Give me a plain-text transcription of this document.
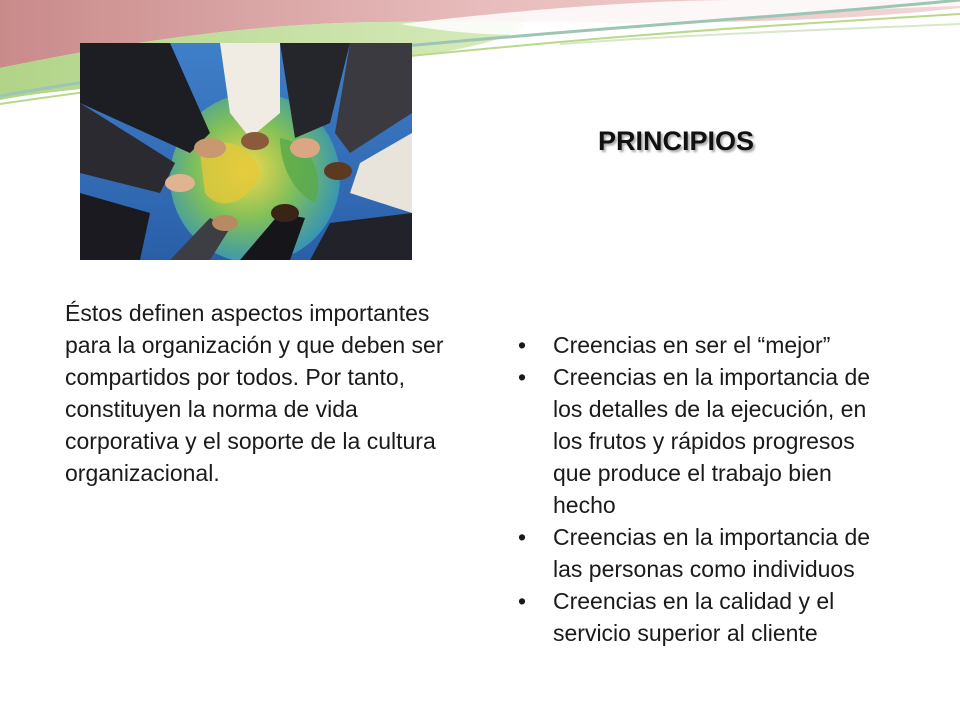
PRINCIPIOS

Éstos definen aspectos importantes para la organización y que deben ser compartidos por todos. Por tanto, constituyen la norma de vida corporativa y el soporte de la cultura organizacional.

• Creencias en ser el “mejor”
• Creencias en la importancia de los detalles de la ejecución, en los frutos y rápidos progresos que produce el trabajo bien hecho
• Creencias en la importancia de las personas como individuos
• Creencias en la calidad y el servicio superior al cliente
